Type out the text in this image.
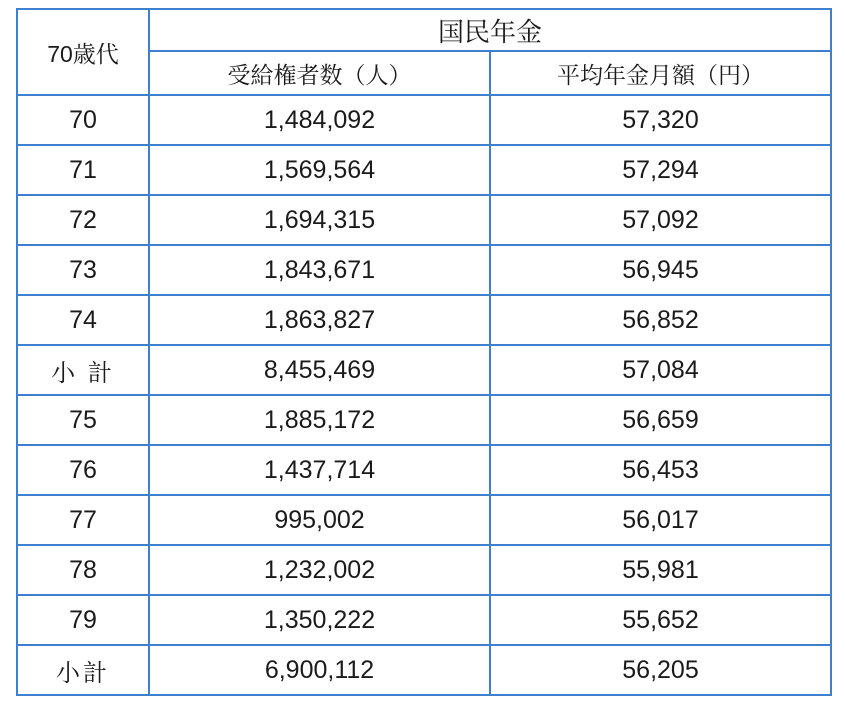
70歳代	国民年金	
	受給権者数（人）	平均年金月額（円）
70	1,484,092	57,320
71	1,569,564	57,294
72	1,694,315	57,092
73	1,843,671	56,945
74	1,863,827	56,852
小 計	8,455,469	57,084
75	1,885,172	56,659
76	1,437,714	56,453
77	995,002	56,017
78	1,232,002	55,981
79	1,350,222	55,652
小計	6,900,112	56,205
